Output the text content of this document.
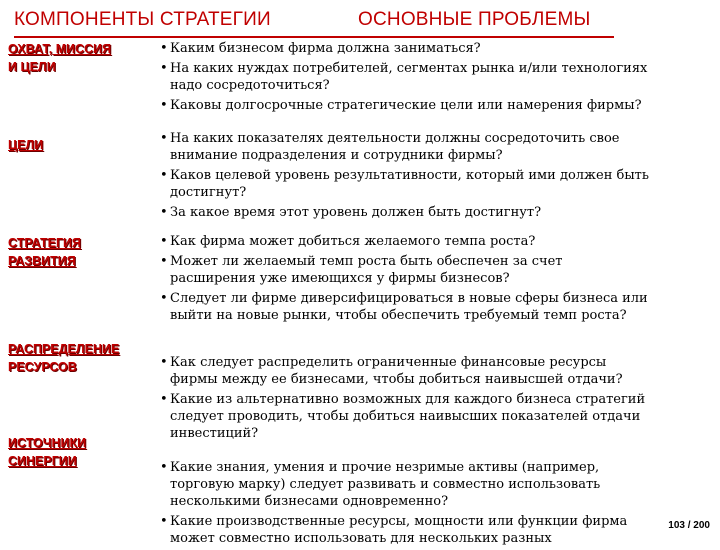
КОМПОНЕНТЫ СТРАТЕГИИ	ОСНОВНЫЕ ПРОБЛЕМЫ
ОХВАТ, МИССИЯ
И ЦЕЛИ
• Каким бизнесом фирма должна заниматься?
• На каких нуждах потребителей, сегментах рынка и/или технологиях надо сосредоточиться?
• Каковы долгосрочные стратегические цели или намерения фирмы?
ЦЕЛИ	• На каких показателях деятельности должны сосредоточить свое внимание подразделения и сотрудники фирмы?
• Каков целевой уровень результативности, который ими должен быть достигнут?
• За какое время этот уровень должен быть достигнут?
СТРАТЕГИЯ
РАЗВИТИЯ
• Как фирма может добиться желаемого темпа роста?
• Может ли желаемый темп роста быть обеспечен за счет расширения уже имеющихся у фирмы бизнесов?
• Следует ли фирме диверсифицироваться в новые сферы бизнеса или выйти на новые рынки, чтобы обеспечить требуемый темп роста?
РАСПРЕДЕЛЕНИЕ
РЕСУРСОВ	• Как следует распределить ограниченные финансовые ресурсы фирмы между ее бизнесами, чтобы добиться наивысшей отдачи?
• Какие из альтернативно возможных для каждого бизнеса стратегий следует проводить, чтобы добиться наивысших показателей отдачи инвестиций?
ИСТОЧНИКИ
СИНЕРГИИ	• Какие знания, умения и прочие незримые активы (например, торговую марку) следует развивать и совместно использовать несколькими бизнесами одновременно?
• Какие производственные ресурсы, мощности или функции фирма может совместно использовать для нескольких разных
103 / 200
